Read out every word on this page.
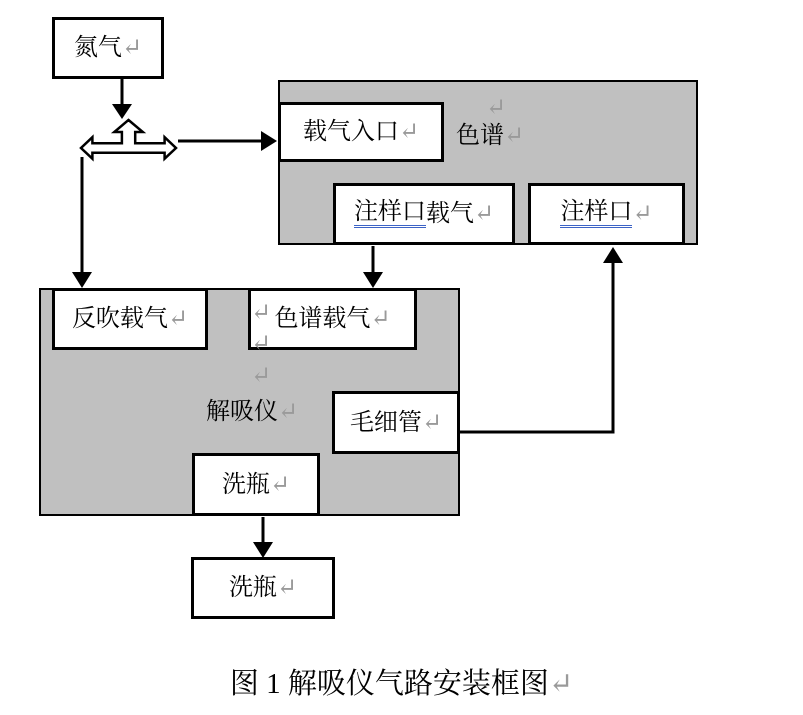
氮气 ↵
载气入口 ↵
注样口 载气 ↵	注样口 ↵
反吹载气 ↵	色谱载气 ↵
毛细管 ↵
洗瓶 ↵
洗瓶 ↵
色谱↵
解吸仪↵
↵
↵
↵
↵
图 1 解吸仪气路安装框图↵
